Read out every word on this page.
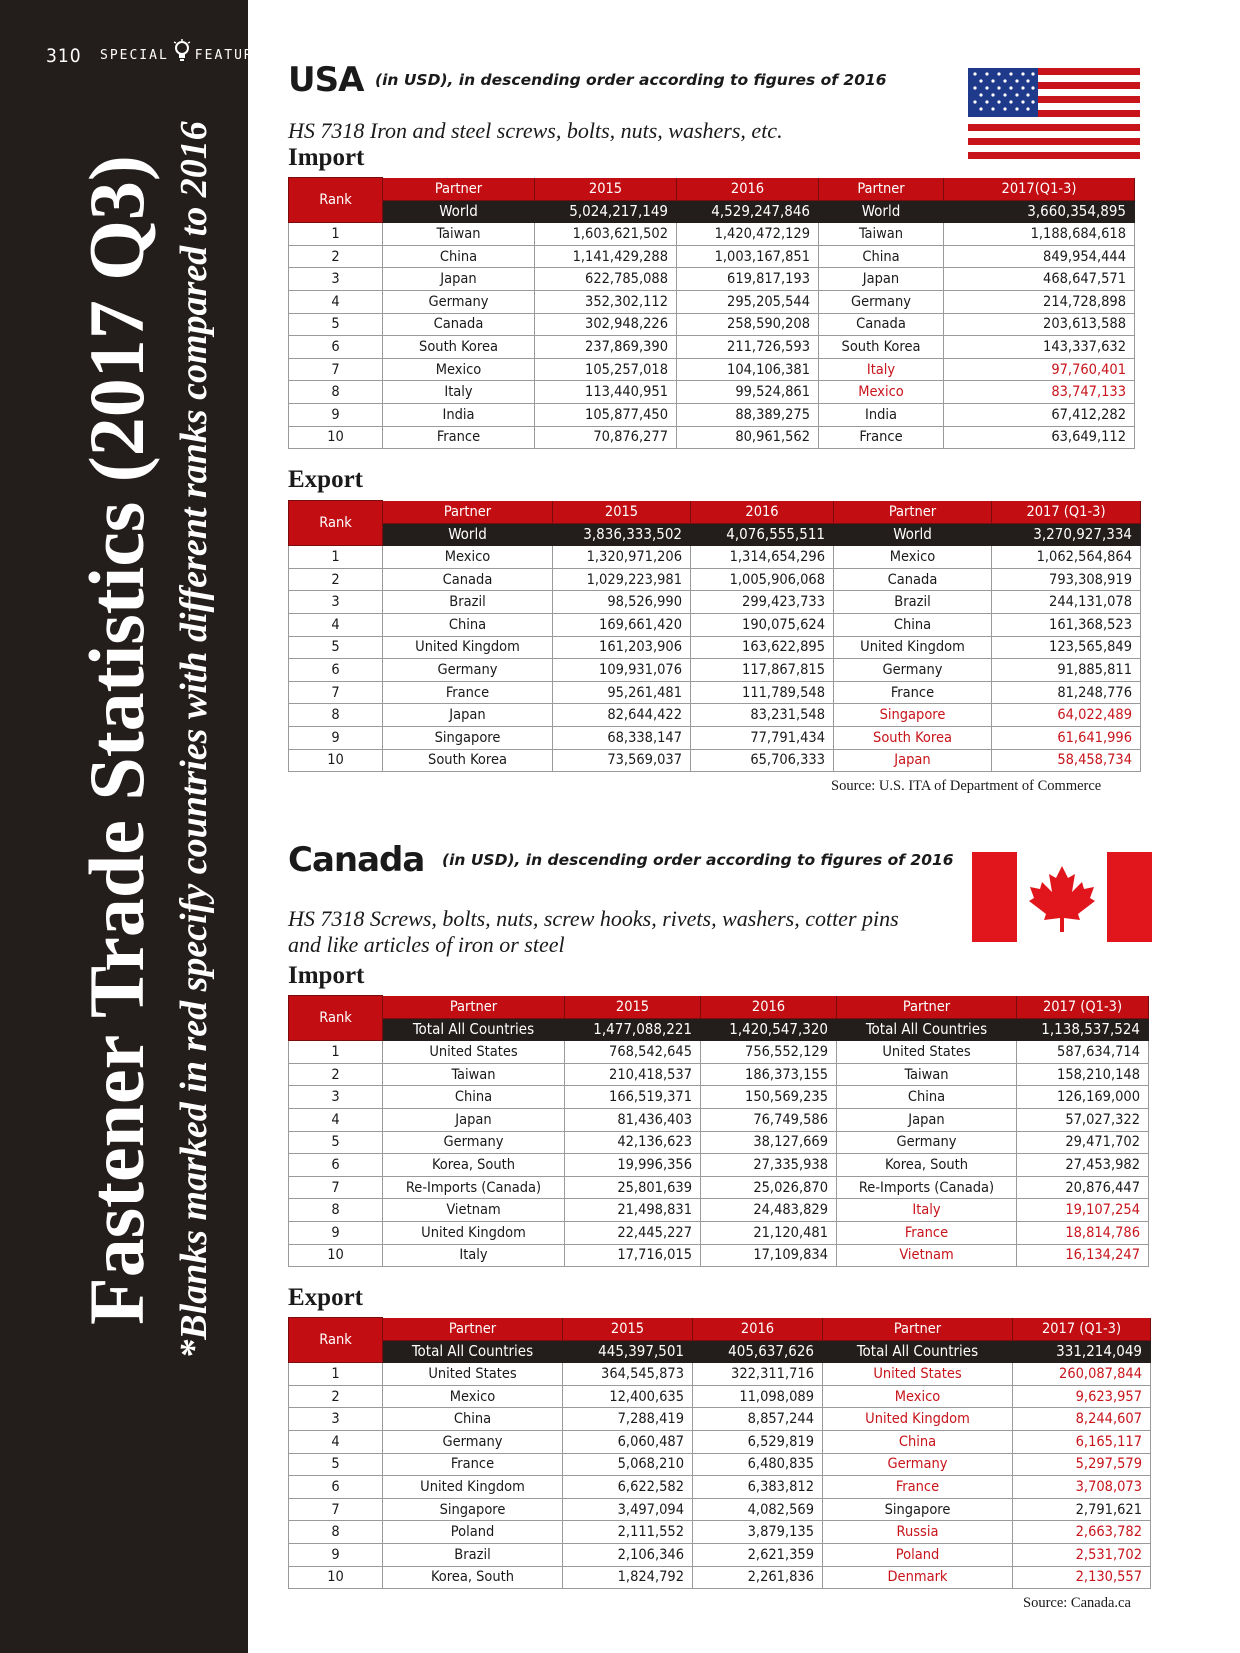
310 SPECIAL FEATURE
Fastener Trade Statistics (2017 Q3) *Blanks marked in red specify countries with different ranks compared to 2016
USA (in USD), in descending order according to figures of 2016
HS 7318 Iron and steel screws, bolts, nuts, washers, etc.
Import
Rank	Partner	2015	2016	Partner	2017(Q1-3)
	World	5,024,217,149	4,529,247,846	World	3,660,354,895
1	Taiwan	1,603,621,502	1,420,472,129	Taiwan	1,188,684,618
2	China	1,141,429,288	1,003,167,851	China	849,954,444
3	Japan	622,785,088	619,817,193	Japan	468,647,571
4	Germany	352,302,112	295,205,544	Germany	214,728,898
5	Canada	302,948,226	258,590,208	Canada	203,613,588
6	South Korea	237,869,390	211,726,593	South Korea	143,337,632
7	Mexico	105,257,018	104,106,381	Italy	97,760,401
8	Italy	113,440,951	99,524,861	Mexico	83,747,133
9	India	105,877,450	88,389,275	India	67,412,282
10	France	70,876,277	80,961,562	France	63,649,112
Export
Rank	Partner	2015	2016	Partner	2017 (Q1-3)
	World	3,836,333,502	4,076,555,511	World	3,270,927,334
1	Mexico	1,320,971,206	1,314,654,296	Mexico	1,062,564,864
2	Canada	1,029,223,981	1,005,906,068	Canada	793,308,919
3	Brazil	98,526,990	299,423,733	Brazil	244,131,078
4	China	169,661,420	190,075,624	China	161,368,523
5	United Kingdom	161,203,906	163,622,895	United Kingdom	123,565,849
6	Germany	109,931,076	117,867,815	Germany	91,885,811
7	France	95,261,481	111,789,548	France	81,248,776
8	Japan	82,644,422	83,231,548	Singapore	64,022,489
9	Singapore	68,338,147	77,791,434	South Korea	61,641,996
10	South Korea	73,569,037	65,706,333	Japan	58,458,734
Source: U.S. ITA of Department of Commerce
Canada (in USD), in descending order according to figures of 2016
HS 7318 Screws, bolts, nuts, screw hooks, rivets, washers, cotter pins
and like articles of iron or steel
Import
Rank	Partner	2015	2016	Partner	2017 (Q1-3)
	Total All Countries	1,477,088,221	1,420,547,320	Total All Countries	1,138,537,524
1	United States	768,542,645	756,552,129	United States	587,634,714
2	Taiwan	210,418,537	186,373,155	Taiwan	158,210,148
3	China	166,519,371	150,569,235	China	126,169,000
4	Japan	81,436,403	76,749,586	Japan	57,027,322
5	Germany	42,136,623	38,127,669	Germany	29,471,702
6	Korea, South	19,996,356	27,335,938	Korea, South	27,453,982
7	Re-Imports (Canada)	25,801,639	25,026,870	Re-Imports (Canada)	20,876,447
8	Vietnam	21,498,831	24,483,829	Italy	19,107,254
9	United Kingdom	22,445,227	21,120,481	France	18,814,786
10	Italy	17,716,015	17,109,834	Vietnam	16,134,247
Export
Rank	Partner	2015	2016	Partner	2017 (Q1-3)
	Total All Countries	445,397,501	405,637,626	Total All Countries	331,214,049
1	United States	364,545,873	322,311,716	United States	260,087,844
2	Mexico	12,400,635	11,098,089	Mexico	9,623,957
3	China	7,288,419	8,857,244	United Kingdom	8,244,607
4	Germany	6,060,487	6,529,819	China	6,165,117
5	France	5,068,210	6,480,835	Germany	5,297,579
6	United Kingdom	6,622,582	6,383,812	France	3,708,073
7	Singapore	3,497,094	4,082,569	Singapore	2,791,621
8	Poland	2,111,552	3,879,135	Russia	2,663,782
9	Brazil	2,106,346	2,621,359	Poland	2,531,702
10	Korea, South	1,824,792	2,261,836	Denmark	2,130,557
Source: Canada.ca
